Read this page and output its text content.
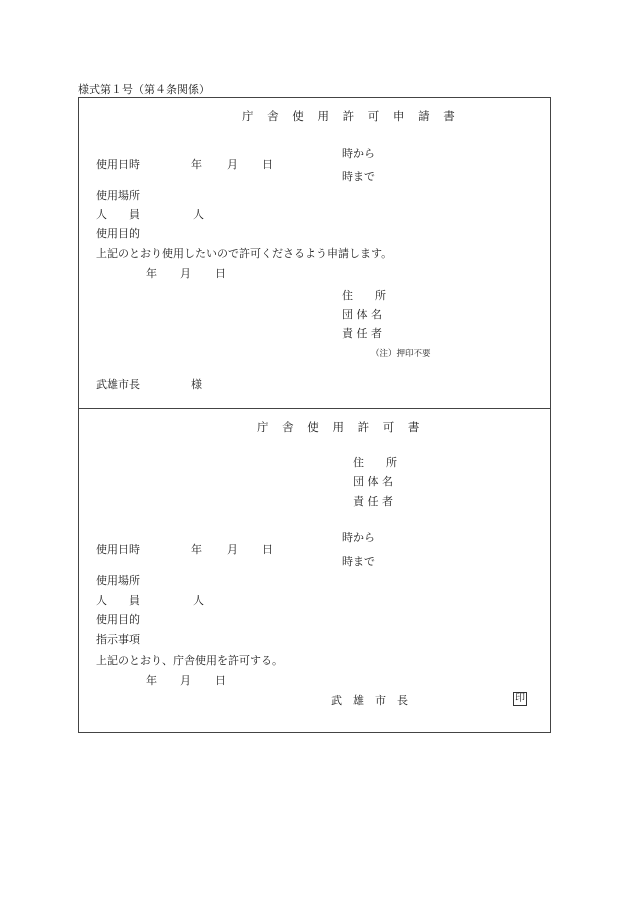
様式第１号（第４条関係）
庁 舎 使 用 許 可 申 請 書
時から
使用日時	年 月 日
時まで
使用場所
人　　員	人
使用目的
上記のとおり使用したいので許可くださるよう申請します。
年 月 日
住　　所
団 体 名
責 任 者
（注）押印不要
武雄市長	様
庁 舎 使 用 許 可 書
住　　所
団 体 名
責 任 者
時から
使用日時	年 月 日
時まで
使用場所
人　　員	人
使用目的
指示事項
上記のとおり、庁舎使用を許可する。
年 月 日
武　雄　市　長	印
